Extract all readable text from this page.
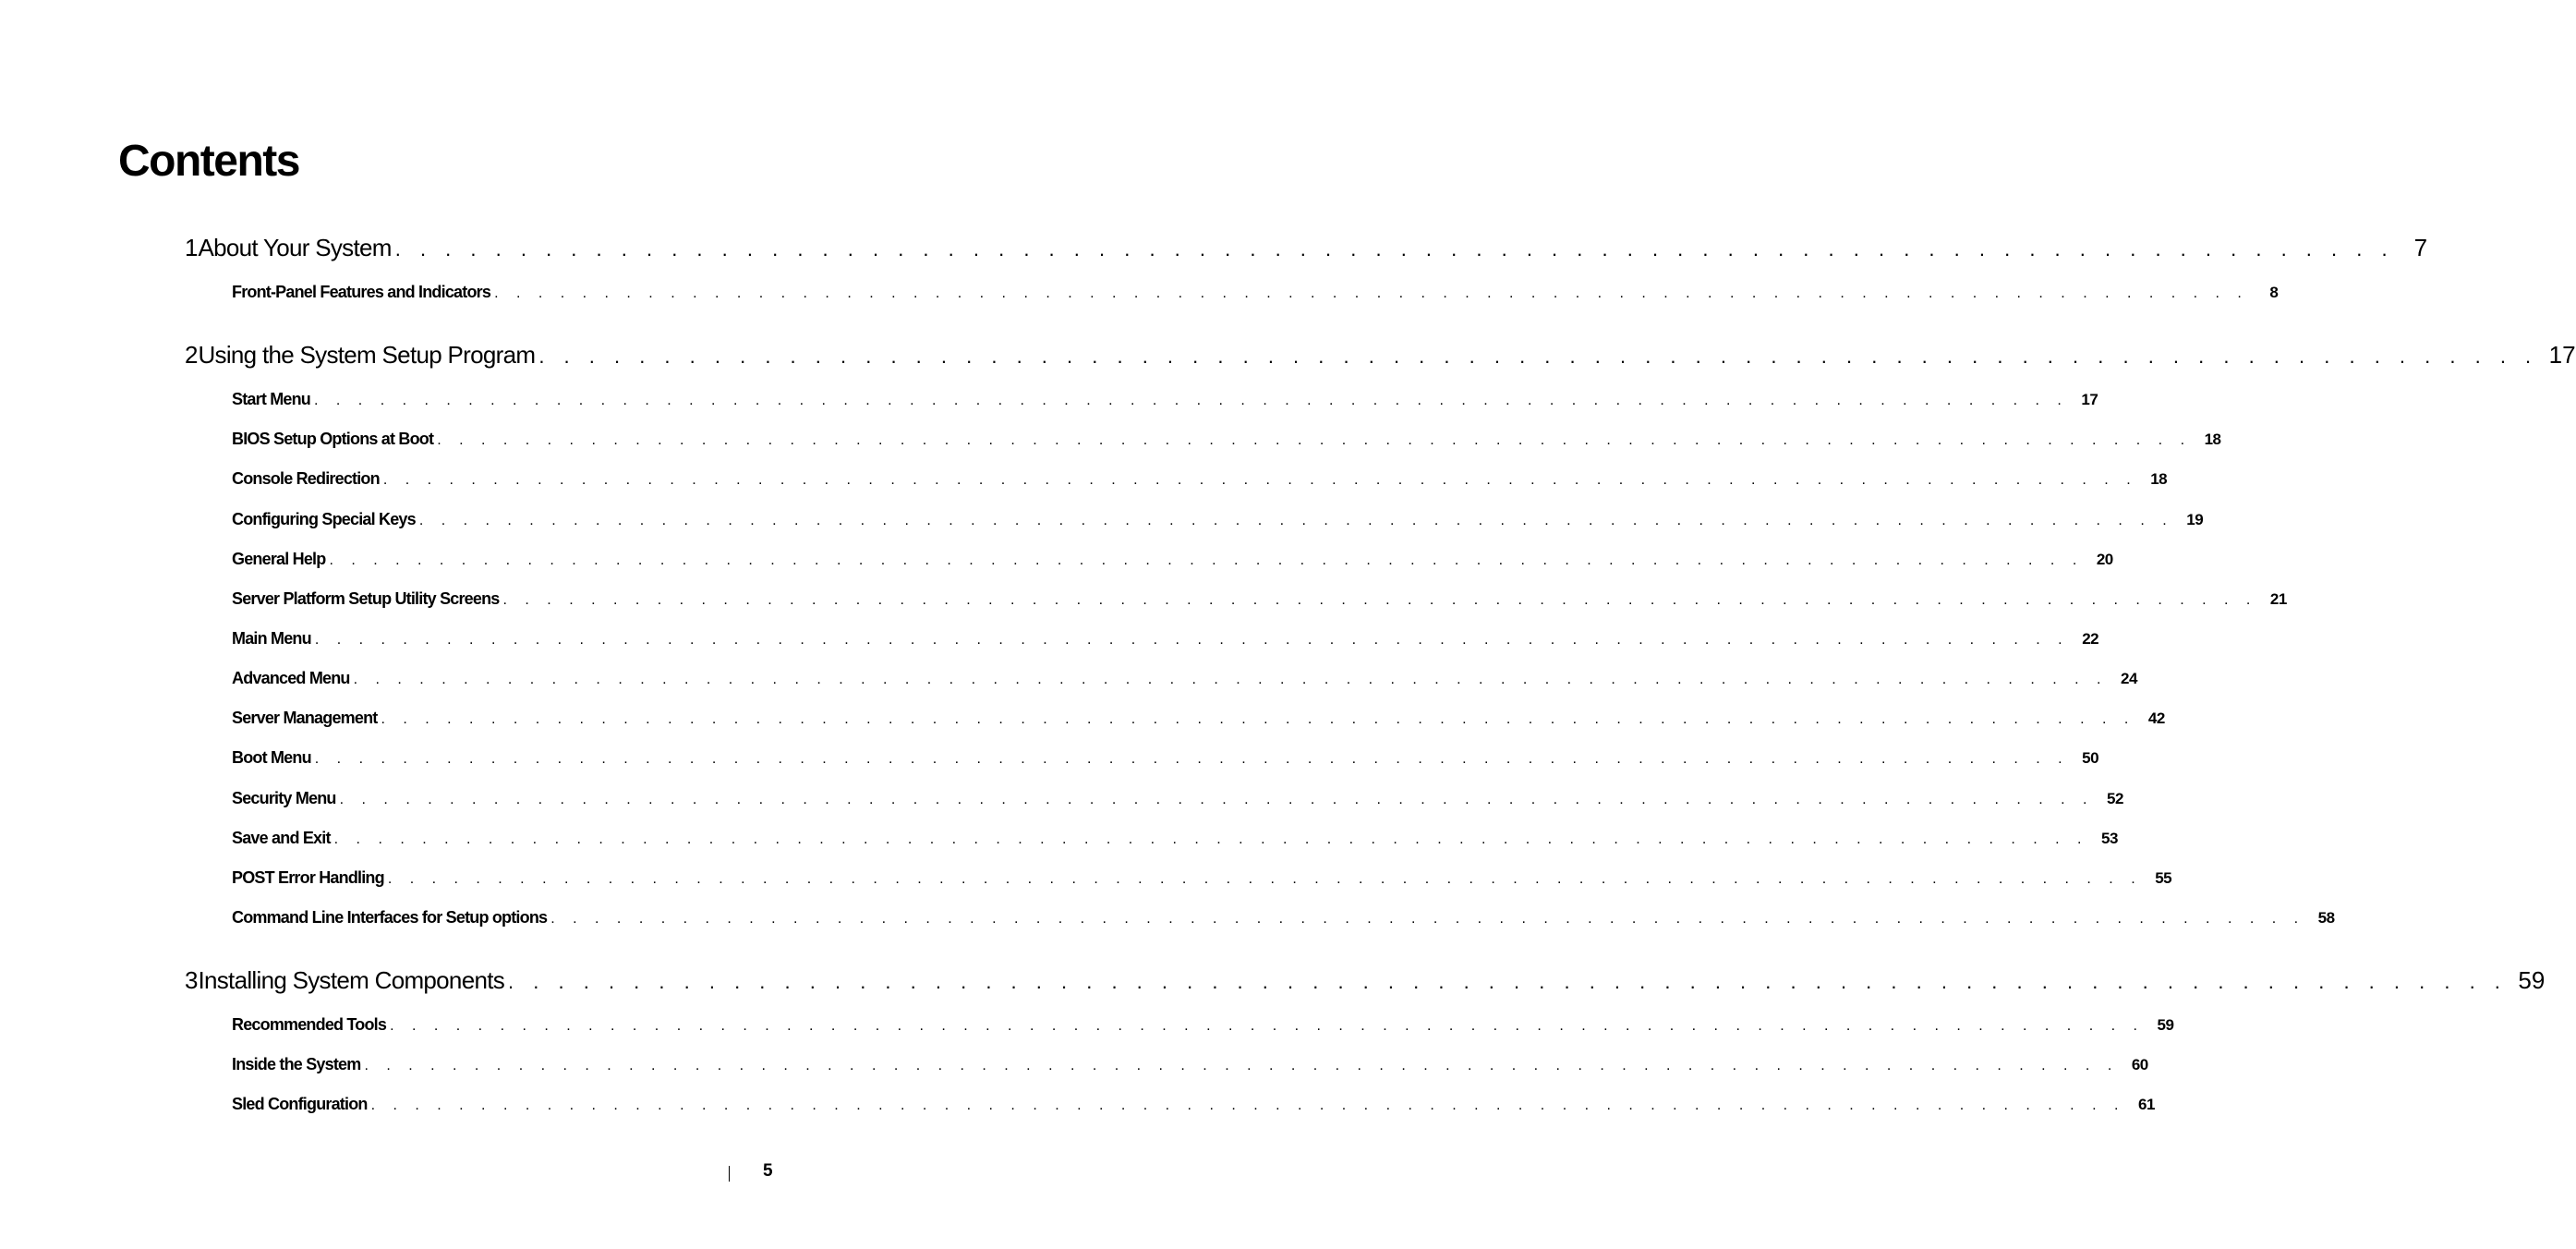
Contents
1 About Your System . . . . . . . . . . . . . . . . . . . . . . . . . . . . . . . . . . . . . . . . . . . . . . . . . . . . . . . . . . . . . . . . . . . . . . . . . . . . . . . . 7
Front-Panel Features and Indicators . . . . . . . . . . . . . . . . . . . . . . . . . . . . . . . . . . . . . . . . . . . . . . . . . . . . . . . . . . . . . . . . . . . . . . . . . . . . . . . .	8
2 Using the System Setup Program . . . . . . . . . . . . . . . . . . . . . . . . . . . . . . . . . . . . . . . . . . . . . . . . . . . . . . . . . . . . . . . . . . . . . . . . . . . . . . . . 17
Start Menu . . . . . . . . . . . . . . . . . . . . . . . . . . . . . . . . . . . . . . . . . . . . . . . . . . . . . . . . . . . . . . . . . . . . . . . . . . . . . . . . 17
BIOS Setup Options at Boot . . . . . . . . . . . . . . . . . . . . . . . . . . . . . . . . . . . . . . . . . . . . . . . . . . . . . . . . . . . . . . . . . . . . . . . . . . . . . . . . 18
Console Redirection . . . . . . . . . . . . . . . . . . . . . . . . . . . . . . . . . . . . . . . . . . . . . . . . . . . . . . . . . . . . . . . . . . . . . . . . . . . . . . . . 18
Configuring Special Keys . . . . . . . . . . . . . . . . . . . . . . . . . . . . . . . . . . . . . . . . . . . . . . . . . . . . . . . . . . . . . . . . . . . . . . . . . . . . . . . . 19
General Help . . . . . . . . . . . . . . . . . . . . . . . . . . . . . . . . . . . . . . . . . . . . . . . . . . . . . . . . . . . . . . . . . . . . . . . . . . . . . . . . 20
Server Platform Setup Utility Screens . . . . . . . . . . . . . . . . . . . . . . . . . . . . . . . . . . . . . . . . . . . . . . . . . . . . . . . . . . . . . . . . . . . . . . . . . . . . . . . . 21
Main Menu . . . . . . . . . . . . . . . . . . . . . . . . . . . . . . . . . . . . . . . . . . . . . . . . . . . . . . . . . . . . . . . . . . . . . . . . . . . . . . . . 22
Advanced Menu . . . . . . . . . . . . . . . . . . . . . . . . . . . . . . . . . . . . . . . . . . . . . . . . . . . . . . . . . . . . . . . . . . . . . . . . . . . . . . . . 24
Server Management . . . . . . . . . . . . . . . . . . . . . . . . . . . . . . . . . . . . . . . . . . . . . . . . . . . . . . . . . . . . . . . . . . . . . . . . . . . . . . . . 42
Boot Menu . . . . . . . . . . . . . . . . . . . . . . . . . . . . . . . . . . . . . . . . . . . . . . . . . . . . . . . . . . . . . . . . . . . . . . . . . . . . . . . . 50
Security Menu . . . . . . . . . . . . . . . . . . . . . . . . . . . . . . . . . . . . . . . . . . . . . . . . . . . . . . . . . . . . . . . . . . . . . . . . . . . . . . . . 52
Save and Exit . . . . . . . . . . . . . . . . . . . . . . . . . . . . . . . . . . . . . . . . . . . . . . . . . . . . . . . . . . . . . . . . . . . . . . . . . . . . . . . . 53
POST Error Handling . . . . . . . . . . . . . . . . . . . . . . . . . . . . . . . . . . . . . . . . . . . . . . . . . . . . . . . . . . . . . . . . . . . . . . . . . . . . . . . . 55
Command Line Interfaces for Setup options . . . . . . . . . . . . . . . . . . . . . . . . . . . . . . . . . . . . . . . . . . . . . . . . . . . . . . . . . . . . . . . . . . . . . . . . . . . . . . . . 58
3 Installing System Components . . . . . . . . . . . . . . . . . . . . . . . . . . . . . . . . . . . . . . . . . . . . . . . . . . . . . . . . . . . . . . . . . . . . . . . . . . . . . . . . 59
Recommended Tools . . . . . . . . . . . . . . . . . . . . . . . . . . . . . . . . . . . . . . . . . . . . . . . . . . . . . . . . . . . . . . . . . . . . . . . . . . . . . . . . 59
Inside the System . . . . . . . . . . . . . . . . . . . . . . . . . . . . . . . . . . . . . . . . . . . . . . . . . . . . . . . . . . . . . . . . . . . . . . . . . . . . . . . . 60
Sled Configuration . . . . . . . . . . . . . . . . . . . . . . . . . . . . . . . . . . . . . . . . . . . . . . . . . . . . . . . . . . . . . . . . . . . . . . . . . . . . . . . . 61
5
